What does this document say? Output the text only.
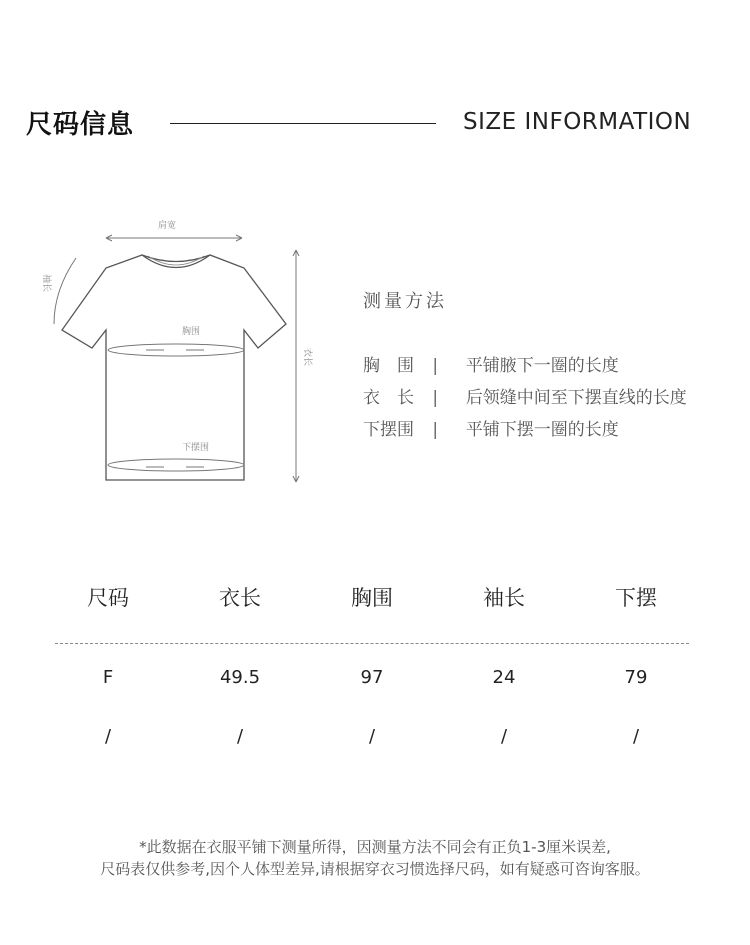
尺码信息	SIZE INFORMATION
肩宽
袖长
胸围
下摆围
衣长
测量方法
胸　围 | 平铺腋下一圈的长度
衣　长 | 后领缝中间至下摆直线的长度
下摆围 | 平铺下摆一圈的长度
尺码	衣长	胸围	袖长	下摆
F	49.5	97	24	79
/	/	/	/	/
*此数据在衣服平铺下测量所得，因测量方法不同会有正负1-3厘米误差,
尺码表仅供参考,因个人体型差异,请根据穿衣习惯选择尺码，如有疑惑可咨询客服。
